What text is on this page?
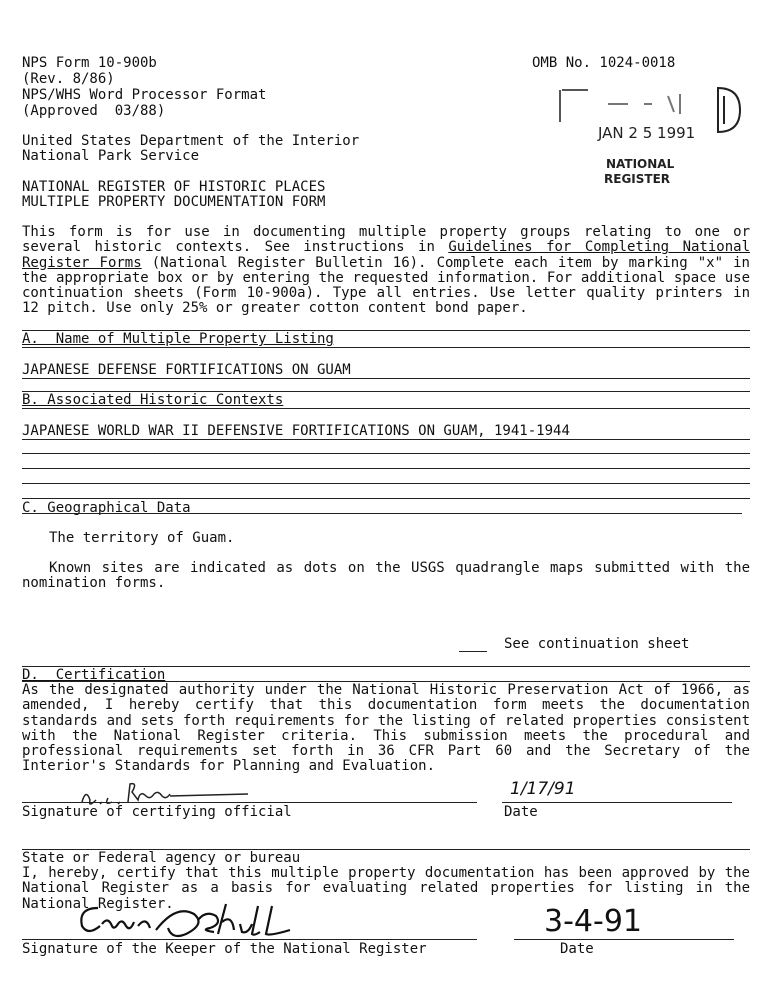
NPS Form 10-900b
(Rev. 8/86)
NPS/WHS Word Processor Format
(Approved  03/88)
OMB No. 1024-0018
JAN 2 5 1991
NATIONAL
REGISTER
United States Department of the Interior
National Park Service
NATIONAL REGISTER OF HISTORIC PLACES
MULTIPLE PROPERTY DOCUMENTATION FORM

This form is for use in documenting multiple property groups relating to one or several historic contexts. See instructions in Guidelines for Completing National Register Forms (National Register Bulletin 16). Complete each item by marking "x" in the appropriate box or by entering the requested information. For additional space use continuation sheets (Form 10-900a). Type all entries. Use letter quality printers in 12 pitch. Use only 25% or greater cotton content bond paper.

A.  Name of Multiple Property Listing
JAPANESE DEFENSE FORTIFICATIONS ON GUAM
B. Associated Historic Contexts
JAPANESE WORLD WAR II DEFENSIVE FORTIFICATIONS ON GUAM, 1941-1944
C. Geographical Data
The territory of Guam.

Known sites are indicated as dots on the USGS quadrangle maps submitted with the nomination forms.

See continuation sheet
D.  Certification

As the designated authority under the National Historic Preservation Act of 1966, as amended, I hereby certify that this documentation form meets the documentation standards and sets forth requirements for the listing of related properties consistent with the National Register criteria. This submission meets the procedural and professional requirements set forth in 36 CFR Part 60 and the Secretary of the Interior's Standards for Planning and Evaluation.

Signature of certifying official
1/17/91
Date
State or Federal agency or bureau

I, hereby, certify that this multiple property documentation has been approved by the National Register as a basis for evaluating related properties for listing in the National Register.

Signature of the Keeper of the National Register
3-4-91
Date
